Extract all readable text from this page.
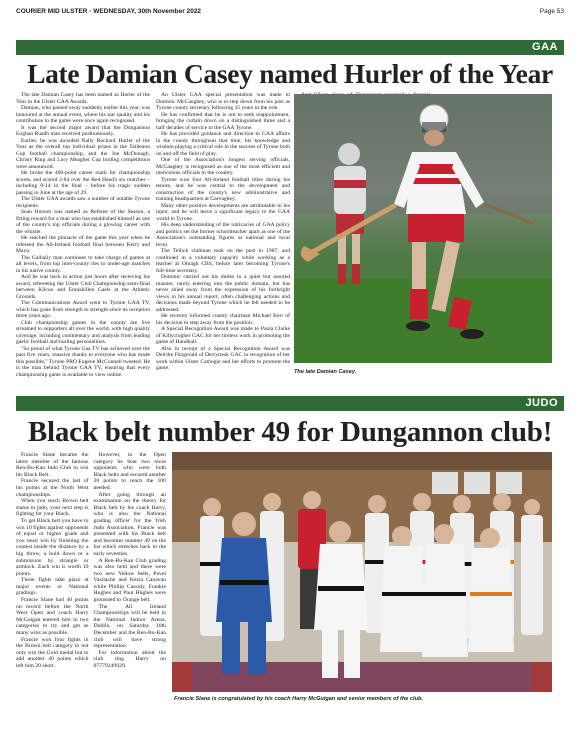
COURIER MID ULSTER - WEDNESDAY, 30th November 2022	Page 53
GAA
Late Damian Casey named Hurler of the Year

The late Damian Casey has been named as Hurler of the Year in the Ulster GAA Awards.

Damian, who passed away suddenly earlier this year, was honoured at the annual event, where his star quality and his contribution to the game were once again recognised.

It was the second major award that the Dungannon Eoghan Ruadh man received posthumously.

Earlier, he was awarded Nally Rockard Hurler of the Year as the overall top individual prizes in the Tailteann Cup football championship, and the Joe McDonagh, Christy Ring and Lory Meagher Cup hurling competitions were announced.

He broke the 400-point career mark for championship scores, and scored 2-84 over the Red Hand's six matches – including 0-14 in the final – before his tragic sudden passing in June at the age of 29.

The Ulster GAA awards saw a number of notable Tyrone recipients.

Sean Hurson was named as Referee of the Season, a fitting reward for a man who has established himself as one of the county's top officials during a glowing career with the whistle.

He reached the pinnacle of the game this year when he refereed the All-Ireland football final between Kerry and Mayo.

The Galbally man continues to take charge of games at all levels, from top inter-county ties to under-age matches in his native county.

And he was back in action just hours after receiving his award, refereeing the Ulster Club Championship semi-final between Kilcoo and Enniskillen Gaels at the Athletic Grounds.

The Communications Award went to Tyrone GAA TV, which has gone from strength to strength since its inception three years ago.

Club championship games in the county are live streamed to supporters all over the world, with high quality coverage, including commentary and analysis from leading gaelic football and hurling personalities.

"So proud of what Tyrone Gaa TV has achieved over the past five years, massive thanks to everyone who has made this possible," Tyrone PRO Eugene McConnell tweeted. He is the man behind Tyrone GAA TV, ensuring that every championship game is available to view online.

An Ulster GAA special presentation was made to Dominic McCaughey, who is to step down from his post as Tyrone county secretary following 35 years in the role.

He has confirmed that he is not to seek reappointment, bringing the curtain down on a distinguished three and a half decades of service to the GAA Tyrone.

He has provided guidance and direction to GAA affairs in the county throughout that time, his knowledge and wisdom playing a critical role in the success of Tyrone both on and off the field of play.

One of the Association's longest serving officials, McCaughey is recognised as one of the most efficient and meticulous officials in the country.

Tyrone won four All-Ireland football titles during his tenure, and he was central to the development and construction of the county's new administrative and training headquarters at Garvaghey.

Many other positive developments are attributable to his input, and he will leave a significant legacy to the GAA world in Tyrone.

His deep understanding of the intricacies of GAA policy and politics set the former schoolteacher apart as one of the Association's outstanding figures at national and local level.

The Tellick clubman took on the post in 1987, and continued in a voluntary capacity while working as a teacher at Omagh CBS, before later becoming Tyrone's full-time secretary.

Dominic carried out his duties in a quiet but assured manner, rarely entering into the public domain, but has never shied away from the expression of his forthright views in his annual report, often challenging actions and decisions made beyond Tyrone which he felt needed to be addressed.

He recently informed county chairman Michael Kerr of his decision to step away from the position.

A Special Recognition Award was made to Paula Clarke of Killyclogher GAC for her tireless work in promoting the game of Handball.

Also in receipt of a Special Recognition Award was Deirdre Fitzgerald of Derrytresk GAC in recognition of her work within Ulster Camogie and her efforts to promote the game.

The late Damian Casey.
JUDO
Black belt number 49 for Dungannon club!

Francie Slane became the latest member of the famous Ren-Bu-Kan Judo Club to win his Black Belt.

Francie secured the last of his points at the North West championships.

When you reach Brown belt status in judo, your next step is fighting for your Black.

To get Black belt you have to win 10 fights against opponents of equal or higher grade and you must win by finishing the contest inside the distance by a big throw, a hold down or a submission by strangle or armlock. Each win is worth 10 points.

These fights take place at major events or National gradings.

Francie Slane had 40 points on record before the North West Open and coach Harry McGuigan entered him in two categories to try and get as many wins as possible.

Francie won four fights in the Brown belt category to not only win the Gold medal but to add another 40 points which left him 20 short.

However, in the Open category he beat two more opponents who were both Black belts and secured another 20 points to reach the 100 needed.

After going through an examination on the theory for Black belt by his coach Harry, who is also the National grading officer for the Irish Judo Association, Francie was presented with his Black belt and becomes number 49 on the list which stretches back to the early seventies.

A Ren-Bu-Kan Club grading was also held and there were two new Yellow belts, Pavel Vasilache and Kezia Canavan while Phillip Cassidy, Frankie Hughes and Paul Hughes were promoted to Orange belt.

The All Ireland Championships will be held in the National Indoor Arena, Dublin, on Saturday 10th December and the Ren-Bu-Kan club will have strong representation.

For information about the club ring Harry on 07779249929.

Francie Slane is congratulated by his coach Harry McGuigan and senior members of the club.
